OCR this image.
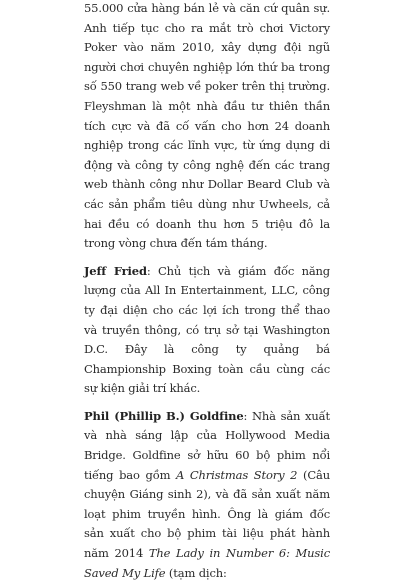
55.000 cửa hàng bán lẻ và căn cứ quân sự. Anh tiếp tục cho ra mắt trò chơi Victory Poker vào năm 2010, xây dựng đội ngũ người chơi chuyên nghiệp lớn thứ ba trong số 550 trang web về poker trên thị trường. Fleyshman là một nhà đầu tư thiên thần tích cực và đã cố vấn cho hơn 24 doanh nghiệp trong các lĩnh vực, từ ứng dụng di động và công ty công nghệ đến các trang web thành công như Dollar Beard Club và các sản phẩm tiêu dùng như Uwheels, cả hai đều có doanh thu hơn 5 triệu đô la trong vòng chưa đến tám tháng.

Jeff Fried: Chủ tịch và giám đốc năng lượng của All In Entertainment, LLC, công ty đại diện cho các lợi ích trong thể thao và truyền thông, có trụ sở tại Washington D.C. Đây là công ty quảng bá Championship Boxing toàn cầu cùng các sự kiện giải trí khác.

Phil (Phillip B.) Goldfine: Nhà sản xuất và nhà sáng lập của Hollywood Media Bridge. Goldfine sở hữu 60 bộ phim nổi tiếng bao gồm A Christmas Story 2 (Câu chuyện Giáng sinh 2), và đã sản xuất năm loạt phim truyền hình. Ông là giám đốc sản xuất cho bộ phim tài liệu phát hành năm 2014 The Lady in Number 6: Music Saved My Life (tạm dịch:
